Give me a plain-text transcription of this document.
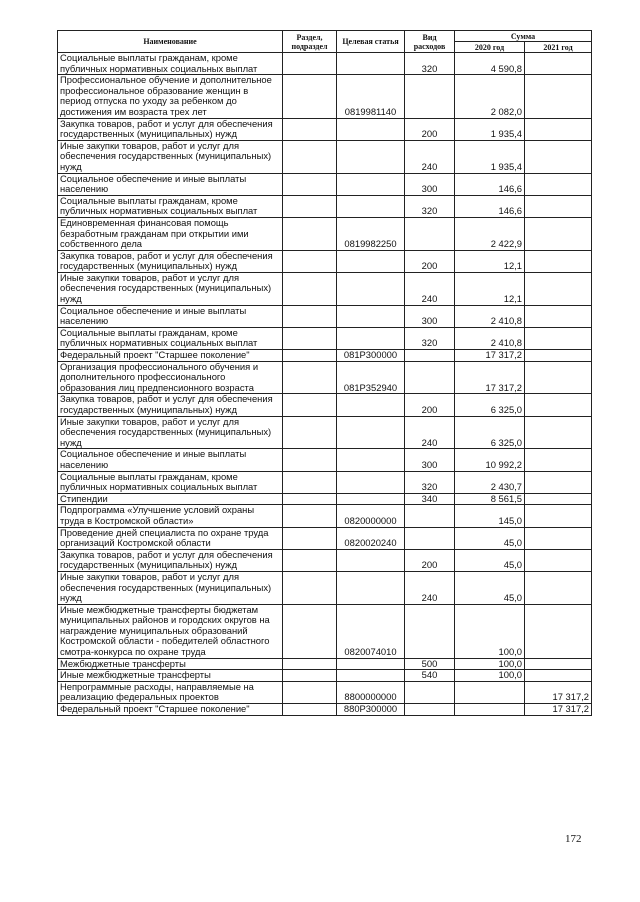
Наименование	Раздел, подраздел	Целевая статья	Вид расходов	Сумма	
				2020 год	2021 год
Социальные выплаты гражданам, кроме публичных нормативных социальных выплат			320	4 590,8	
Профессиональное обучение и дополнительное профессиональное образование женщин в период отпуска по уходу за ребенком до достижения им возраста трех лет		0819981140		2 082,0	
Закупка товаров, работ и услуг для обеспечения государственных (муниципальных) нужд			200	1 935,4	
Иные закупки товаров, работ и услуг для обеспечения государственных (муниципальных) нужд			240	1 935,4	
Социальное обеспечение и иные выплаты населению			300	146,6	
Социальные выплаты гражданам, кроме публичных нормативных социальных выплат			320	146,6	
Единовременная финансовая помощь безработным гражданам при открытии ими собственного дела		0819982250		2 422,9	
Закупка товаров, работ и услуг для обеспечения государственных (муниципальных) нужд			200	12,1	
Иные закупки товаров, работ и услуг для обеспечения государственных (муниципальных) нужд			240	12,1	
Социальное обеспечение и иные выплаты населению			300	2 410,8	
Социальные выплаты гражданам, кроме публичных нормативных социальных выплат			320	2 410,8	
Федеральный проект "Старшее поколение"		081P300000		17 317,2	
Организация профессионального обучения и дополнительного профессионального образования лиц предпенсионного возраста		081P352940		17 317,2	
Закупка товаров, работ и услуг для обеспечения государственных (муниципальных) нужд			200	6 325,0	
Иные закупки товаров, работ и услуг для обеспечения государственных (муниципальных) нужд			240	6 325,0	
Социальное обеспечение и иные выплаты населению			300	10 992,2	
Социальные выплаты гражданам, кроме публичных нормативных социальных выплат			320	2 430,7	
Стипендии			340	8 561,5	
Подпрограмма «Улучшение условий охраны труда в Костромской области»		0820000000		145,0	
Проведение дней специалиста по охране труда организаций Костромской области		0820020240		45,0	
Закупка товаров, работ и услуг для обеспечения государственных (муниципальных) нужд			200	45,0	
Иные закупки товаров, работ и услуг для обеспечения государственных (муниципальных) нужд			240	45,0	
Иные межбюджетные трансферты бюджетам муниципальных районов и городских округов на награждение муниципальных образований Костромской области - победителей областного смотра-конкурса по охране труда		0820074010		100,0	
Межбюджетные трансферты			500	100,0	
Иные межбюджетные трансферты			540	100,0	
Непрограммные расходы, направляемые на реализацию федеральных проектов		8800000000			17 317,2
Федеральный проект "Старшее поколение"		880P300000			17 317,2
172
